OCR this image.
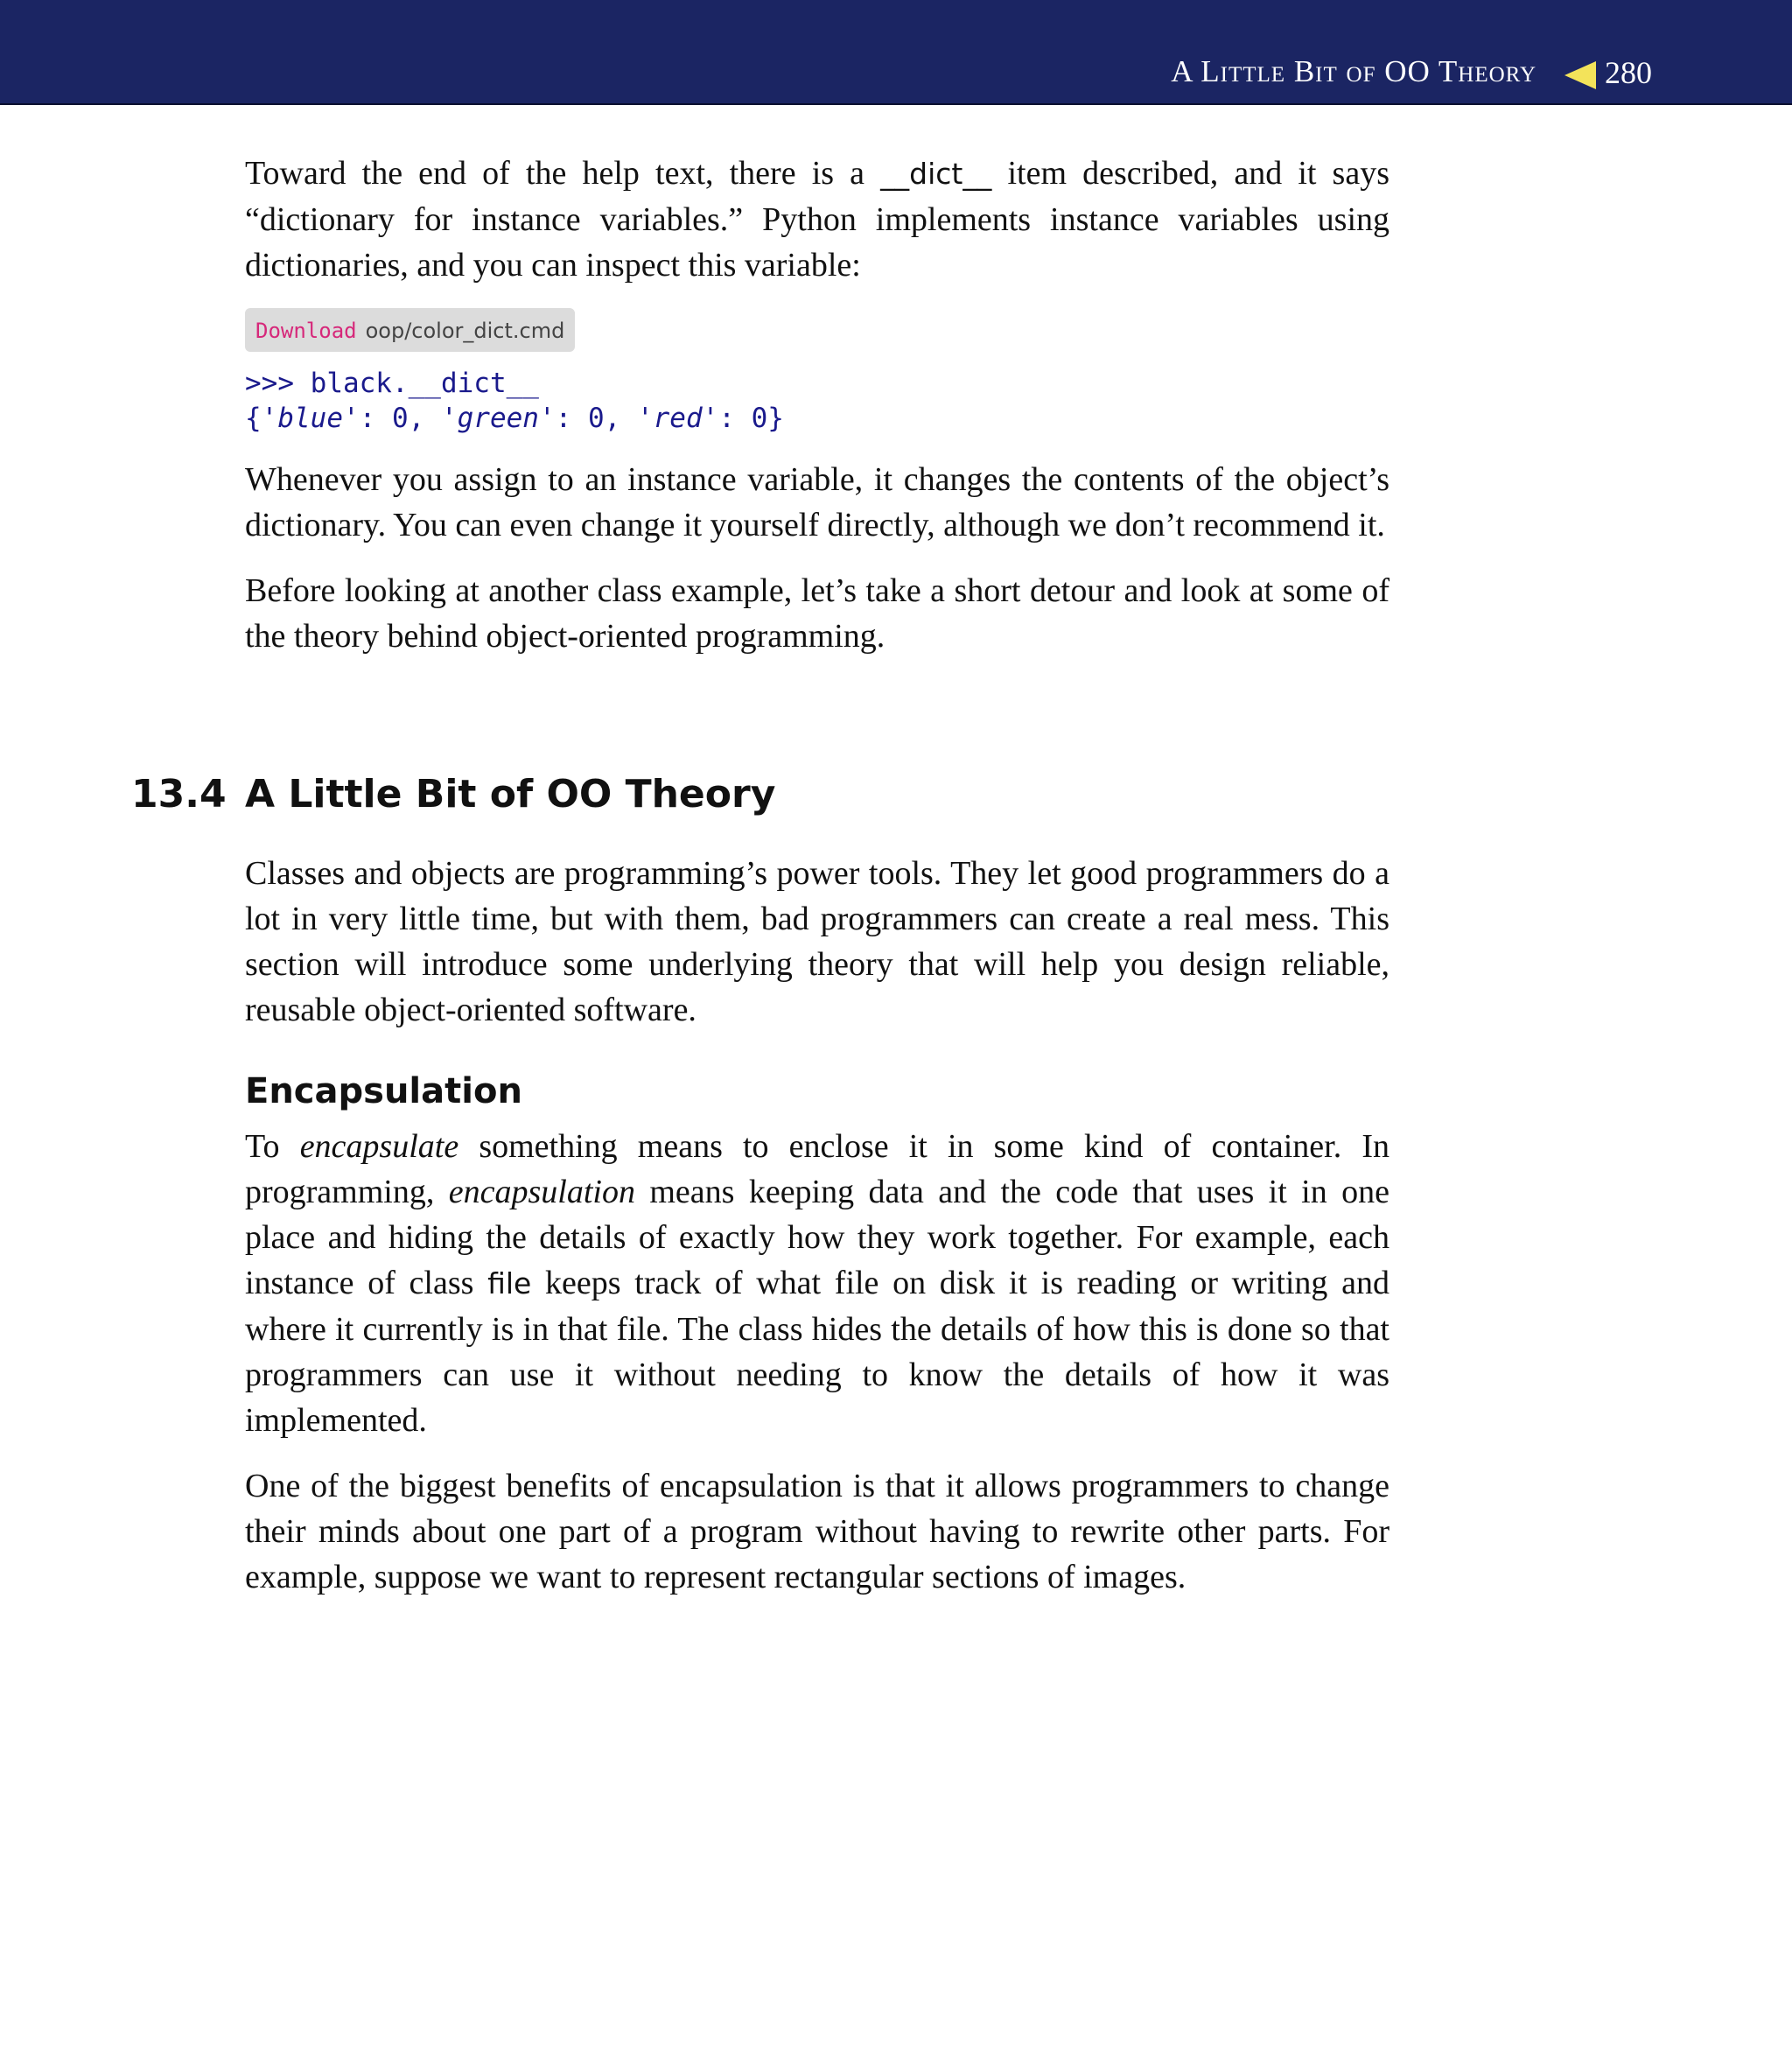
A Little Bit of OO Theory 280

Toward the end of the help text, there is a __dict__ item described, and it says “dictionary for instance variables.” Python implements instance variables using dictionaries, and you can inspect this variable:

Download oop/color_dict.cmd
>>> black.__dict__
{'blue': 0, 'green': 0, 'red': 0}

Whenever you assign to an instance variable, it changes the contents of the object’s dictionary. You can even change it yourself directly, although we don’t recommend it.

Before looking at another class example, let’s take a short detour and look at some of the theory behind object-oriented programming.

13.4 A Little Bit of OO Theory

Classes and objects are programming’s power tools. They let good programmers do a lot in very little time, but with them, bad programmers can create a real mess. This section will introduce some underlying theory that will help you design reliable, reusable object-oriented software.

Encapsulation

To encapsulate something means to enclose it in some kind of container. In programming, encapsulation means keeping data and the code that uses it in one place and hiding the details of exactly how they work together. For example, each instance of class file keeps track of what file on disk it is reading or writing and where it currently is in that file. The class hides the details of how this is done so that programmers can use it without needing to know the details of how it was implemented.

One of the biggest benefits of encapsulation is that it allows programmers to change their minds about one part of a program without having to rewrite other parts. For example, suppose we want to represent rectangular sections of images.
